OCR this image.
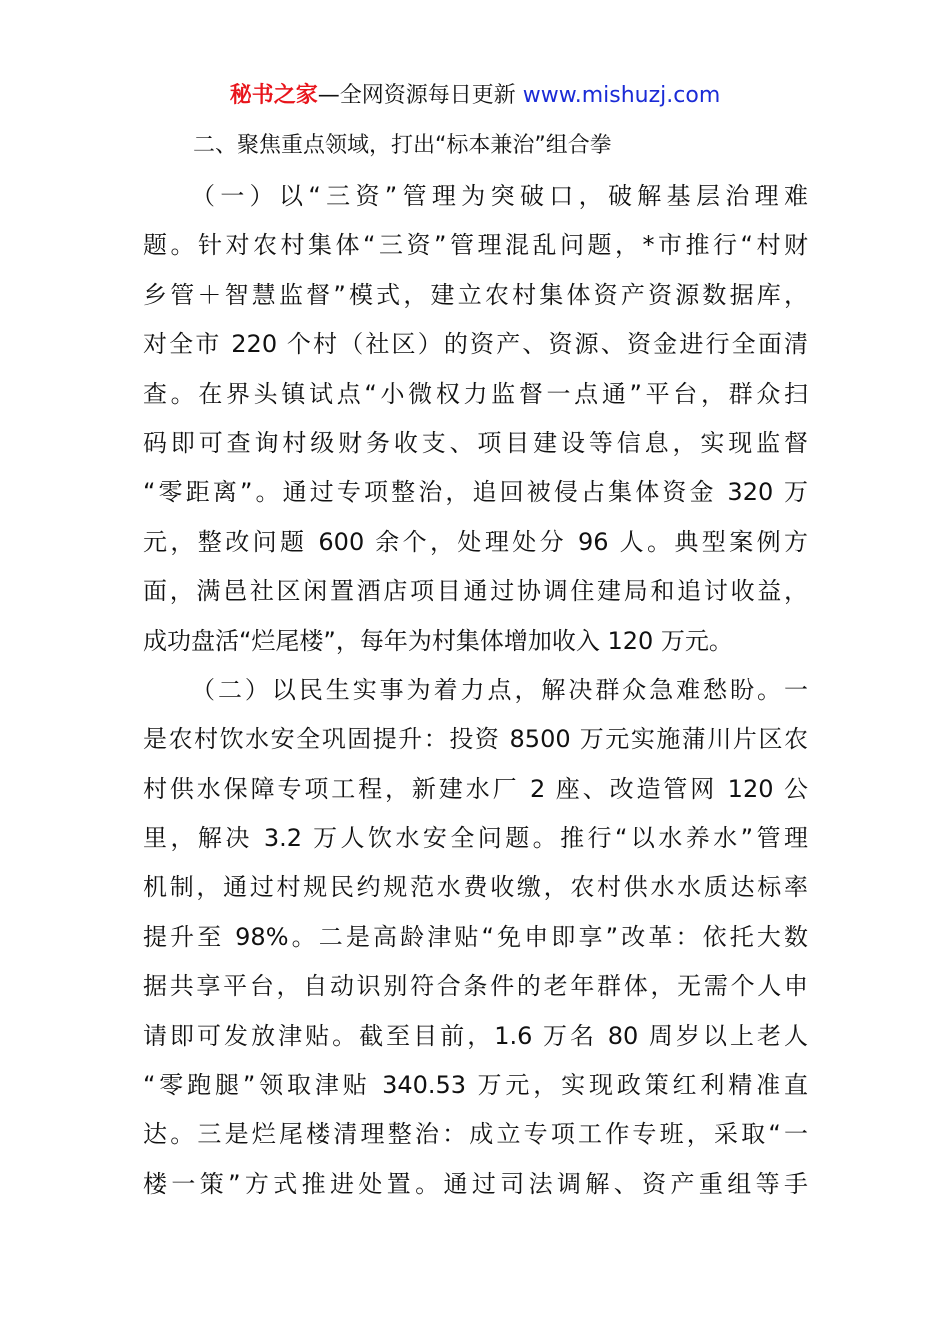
秘书之家—全网资源每日更新 www.mishuzj.com
二、聚焦重点领域，打出“标本兼治”组合拳
（一）以“三资”管理为突破口，破解基层治理难
题。针对农村集体“三资”管理混乱问题，*市推行“村财
乡管＋智慧监督”模式，建立农村集体资产资源数据库，
对全市 220 个村（社区）的资产、资源、资金进行全面清
查。在界头镇试点“小微权力监督一点通”平台，群众扫
码即可查询村级财务收支、项目建设等信息，实现监督
“零距离”。通过专项整治，追回被侵占集体资金 320 万
元，整改问题 600 余个，处理处分 96 人。典型案例方
面，满邑社区闲置酒店项目通过协调住建局和追讨收益，
成功盘活“烂尾楼”，每年为村集体增加收入 120 万元。
（二）以民生实事为着力点，解决群众急难愁盼。一
是农村饮水安全巩固提升：投资 8500 万元实施蒲川片区农
村供水保障专项工程，新建水厂 2 座、改造管网 120 公
里，解决 3.2 万人饮水安全问题。推行“以水养水”管理
机制，通过村规民约规范水费收缴，农村供水水质达标率
提升至 98%。二是高龄津贴“免申即享”改革：依托大数
据共享平台，自动识别符合条件的老年群体，无需个人申
请即可发放津贴。截至目前，1.6 万名 80 周岁以上老人
“零跑腿”领取津贴 340.53 万元，实现政策红利精准直
达。三是烂尾楼清理整治：成立专项工作专班，采取“一
楼一策”方式推进处置。通过司法调解、资产重组等手
